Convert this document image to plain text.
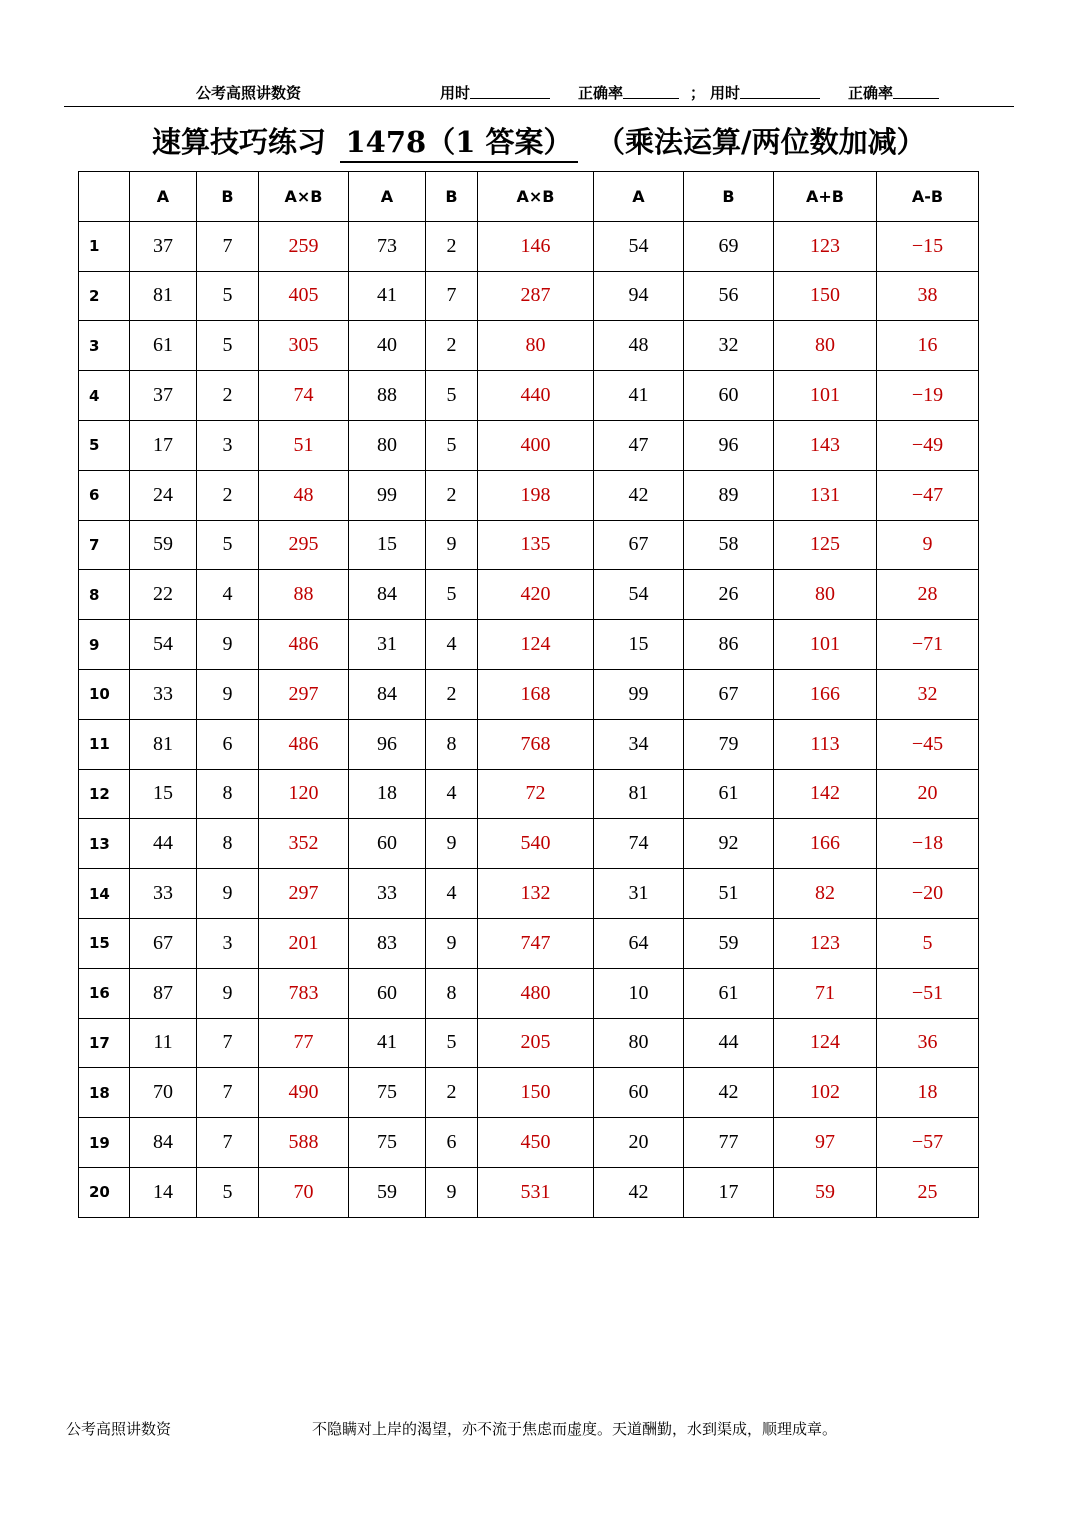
公考高照讲数资	用时	正确率	； 用时	正确率
速算技巧练习 1478（1 答案） （乘法运算/两位数加减）
	A	B	A×B	A	B	A×B	A	B	A+B	A-B
1	37	7	259	73	2	146	54	69	123	−15
2	81	5	405	41	7	287	94	56	150	38
3	61	5	305	40	2	80	48	32	80	16
4	37	2	74	88	5	440	41	60	101	−19
5	17	3	51	80	5	400	47	96	143	−49
6	24	2	48	99	2	198	42	89	131	−47
7	59	5	295	15	9	135	67	58	125	9
8	22	4	88	84	5	420	54	26	80	28
9	54	9	486	31	4	124	15	86	101	−71
10	33	9	297	84	2	168	99	67	166	32
11	81	6	486	96	8	768	34	79	113	−45
12	15	8	120	18	4	72	81	61	142	20
13	44	8	352	60	9	540	74	92	166	−18
14	33	9	297	33	4	132	31	51	82	−20
15	67	3	201	83	9	747	64	59	123	5
16	87	9	783	60	8	480	10	61	71	−51
17	11	7	77	41	5	205	80	44	124	36
18	70	7	490	75	2	150	60	42	102	18
19	84	7	588	75	6	450	20	77	97	−57
20	14	5	70	59	9	531	42	17	59	25
公考高照讲数资	不隐瞒对上岸的渴望，亦不流于焦虑而虚度。天道酬勤，水到渠成，顺理成章。
